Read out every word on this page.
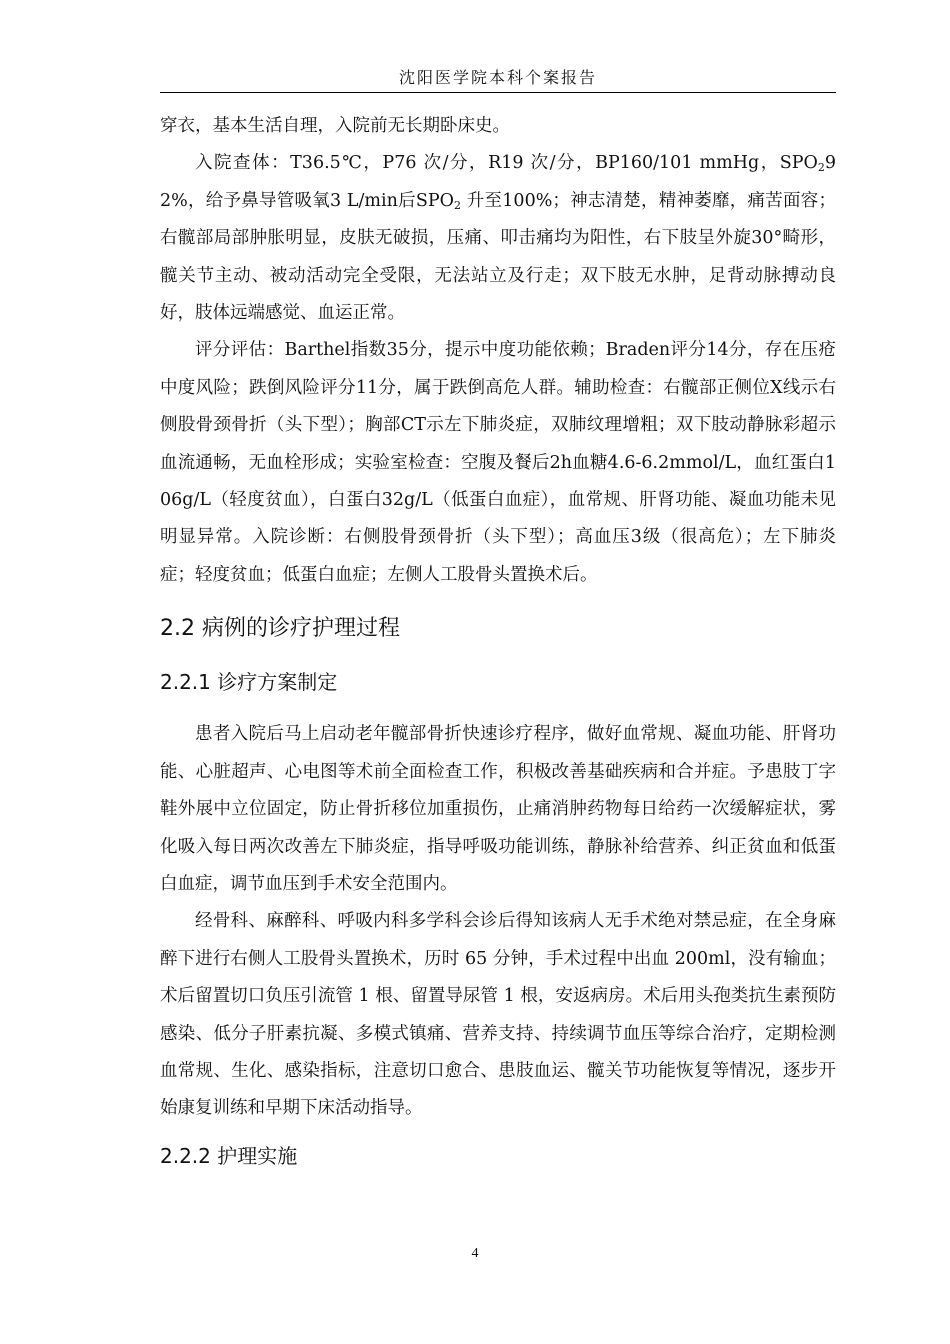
沈阳医学院本科个案报告

穿衣，基本生活自理，入院前无长期卧床史。

入院查体：T36.5℃，P76 次/分，R19 次/分，BP160/101 mmHg，$SPO_292\%$，给予鼻导管吸氧3 L/min后$SPO_2$ 升至100%；神志清楚，精神萎靡，痛苦面容；右髋部局部肿胀明显，皮肤无破损，压痛、叩击痛均为阳性，右下肢呈外旋30°畸形，髋关节主动、被动活动完全受限，无法站立及行走；双下肢无水肿，足背动脉搏动良好，肢体远端感觉、血运正常。

评分评估：Barthel指数35分，提示中度功能依赖；Braden评分14分，存在压疮中度风险；跌倒风险评分11分，属于跌倒高危人群。辅助检查：右髋部正侧位X线示右侧股骨颈骨折（头下型）；胸部CT示左下肺炎症，双肺纹理增粗；双下肢动静脉彩超示血流通畅，无血栓形成；实验室检查：空腹及餐后2h血糖4.6-6.2mmol/L，血红蛋白106g/L（轻度贫血），白蛋白32g/L（低蛋白血症），血常规、肝肾功能、凝血功能未见明显异常。入院诊断：右侧股骨颈骨折（头下型）；高血压3级（很高危）；左下肺炎症；轻度贫血；低蛋白血症；左侧人工股骨头置换术后。

2.2 病例的诊疗护理过程
2.2.1 诊疗方案制定

患者入院后马上启动老年髋部骨折快速诊疗程序，做好血常规、凝血功能、肝肾功能、心脏超声、心电图等术前全面检查工作，积极改善基础疾病和合并症。予患肢丁字鞋外展中立位固定，防止骨折移位加重损伤，止痛消肿药物每日给药一次缓解症状，雾化吸入每日两次改善左下肺炎症，指导呼吸功能训练，静脉补给营养、纠正贫血和低蛋白血症，调节血压到手术安全范围内。

经骨科、麻醉科、呼吸内科多学科会诊后得知该病人无手术绝对禁忌症，在全身麻醉下进行右侧人工股骨头置换术，历时 65 分钟，手术过程中出血 200ml，没有输血；术后留置切口负压引流管 1 根、留置导尿管 1 根，安返病房。术后用头孢类抗生素预防感染、低分子肝素抗凝、多模式镇痛、营养支持、持续调节血压等综合治疗，定期检测血常规、生化、感染指标，注意切口愈合、患肢血运、髋关节功能恢复等情况，逐步开始康复训练和早期下床活动指导。

2.2.2 护理实施
4
